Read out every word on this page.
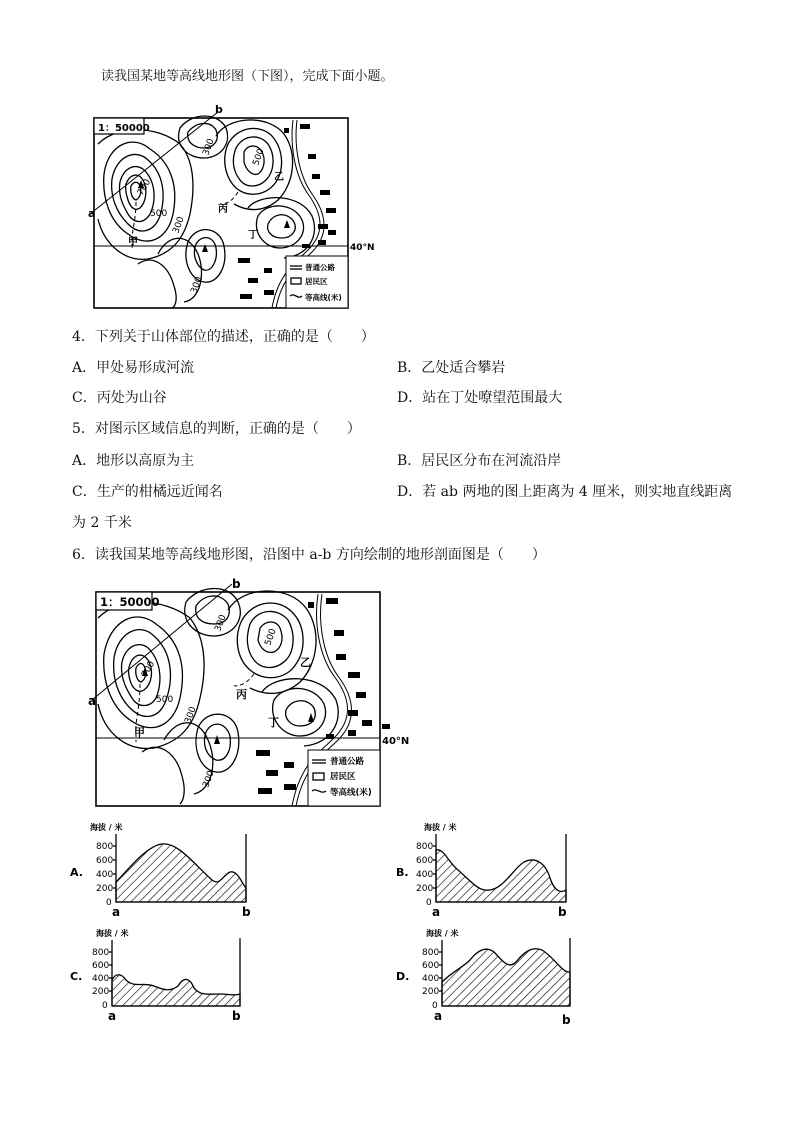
读我国某地等高线地形图（下图），完成下面小题。
1：50000
b
a
甲
乙
丙
丁
40°N
700
500
300
300
500
300
普通公路
居民区
等高线(米)
4．下列关于山体部位的描述，正确的是（　　）
A．甲处易形成河流	B．乙处适合攀岩
C．丙处为山谷	D．站在丁处嘹望范围最大
5．对图示区域信息的判断，正确的是（　　）
A．地形以高原为主	B．居民区分布在河流沿岸
C．生产的柑橘远近闻名	D．若 ab 两地的图上距离为 4 厘米，则实地直线距离
为 2 千米
6．读我国某地等高线地形图，沿图中 a-b 方向绘制的地形剖面图是（　　）
1：50000
b
a
甲
乙
丙
丁
40°N
700
500
300
300
500
300
普通公路
居民区
等高线(米)
A.
海拔 / 米
800
600
400
200
0
a	b
B.
海拔 / 米
800
600
400
200
0
a	b
C.
海拔 / 米
800
600
400
200
0
a	b
D.
海拔 / 米
800
600
400
200
0
a	b
